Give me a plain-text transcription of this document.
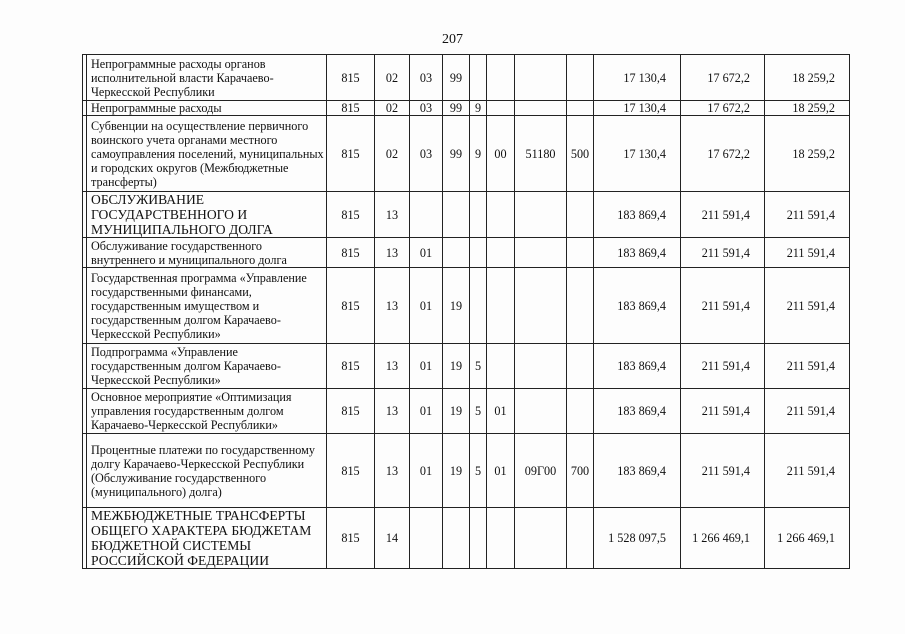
207
	Непрограммные расходы органов исполнительной власти Карачаево-Черкесской Республики	815	02	03	99					17 130,4	17 672,2	18 259,2
	Непрограммные расходы	815	02	03	99	9				17 130,4	17 672,2	18 259,2
	Субвенции на осуществление первичного воинского учета органами местного самоуправления поселений, муниципальных и городских округов (Межбюджетные трансферты)	815	02	03	99	9	00	51180	500	17 130,4	17 672,2	18 259,2
	ОБСЛУЖИВАНИЕ ГОСУДАРСТВЕННОГО И МУНИЦИПАЛЬНОГО ДОЛГА	815	13							183 869,4	211 591,4	211 591,4
	Обслуживание государственного внутреннего и муниципального долга	815	13	01						183 869,4	211 591,4	211 591,4
	Государственная программа «Управление государственными финансами, государственным имуществом и государственным долгом Карачаево-Черкесской Республики»	815	13	01	19					183 869,4	211 591,4	211 591,4
	Подпрограмма «Управление государственным долгом Карачаево-Черкесской Республики»	815	13	01	19	5				183 869,4	211 591,4	211 591,4
	Основное мероприятие «Оптимизация управления государственным долгом Карачаево-Черкесской Республики»	815	13	01	19	5	01			183 869,4	211 591,4	211 591,4
	Процентные платежи по государственному долгу Карачаево-Черкесской Республики (Обслуживание государственного (муниципального) долга)	815	13	01	19	5	01	09Г00	700	183 869,4	211 591,4	211 591,4
	МЕЖБЮДЖЕТНЫЕ ТРАНСФЕРТЫ ОБЩЕГО ХАРАКТЕРА БЮДЖЕТАМ БЮДЖЕТНОЙ СИСТЕМЫ РОССИЙСКОЙ ФЕДЕРАЦИИ	815	14							1 528 097,5	1 266 469,1	1 266 469,1
